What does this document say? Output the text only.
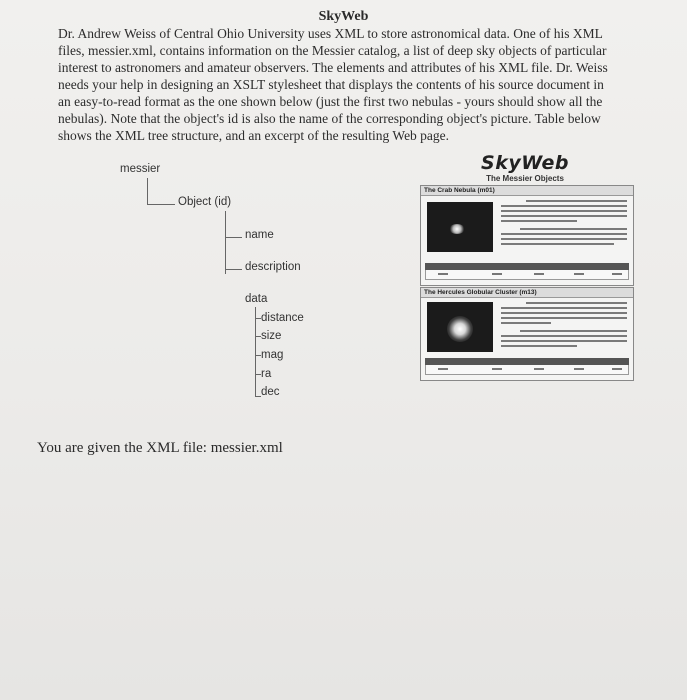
SkyWeb
Dr. Andrew Weiss of Central Ohio University uses XML to store astronomical data. One of his XML
files, messier.xml, contains information on the Messier catalog, a list of deep sky objects of particular
interest to astronomers and amateur observers. The elements and attributes of his XML file. Dr. Weiss
needs your help in designing an XSLT stylesheet that displays the contents of his source document in
an easy-to-read format as the one shown below (just the first two nebulas - yours should show all the
nebulas). Note that the object's id is also the name of the corresponding object's picture. Table below
shows the XML tree structure, and an excerpt of the resulting Web page.
messier
Object (id)
name
description
data
distance
size
mag
ra
dec
SkyWeb
The Messier Objects
The Crab Nebula (m01)
The Hercules Globular Cluster (m13)
You are given the XML file: messier.xml
